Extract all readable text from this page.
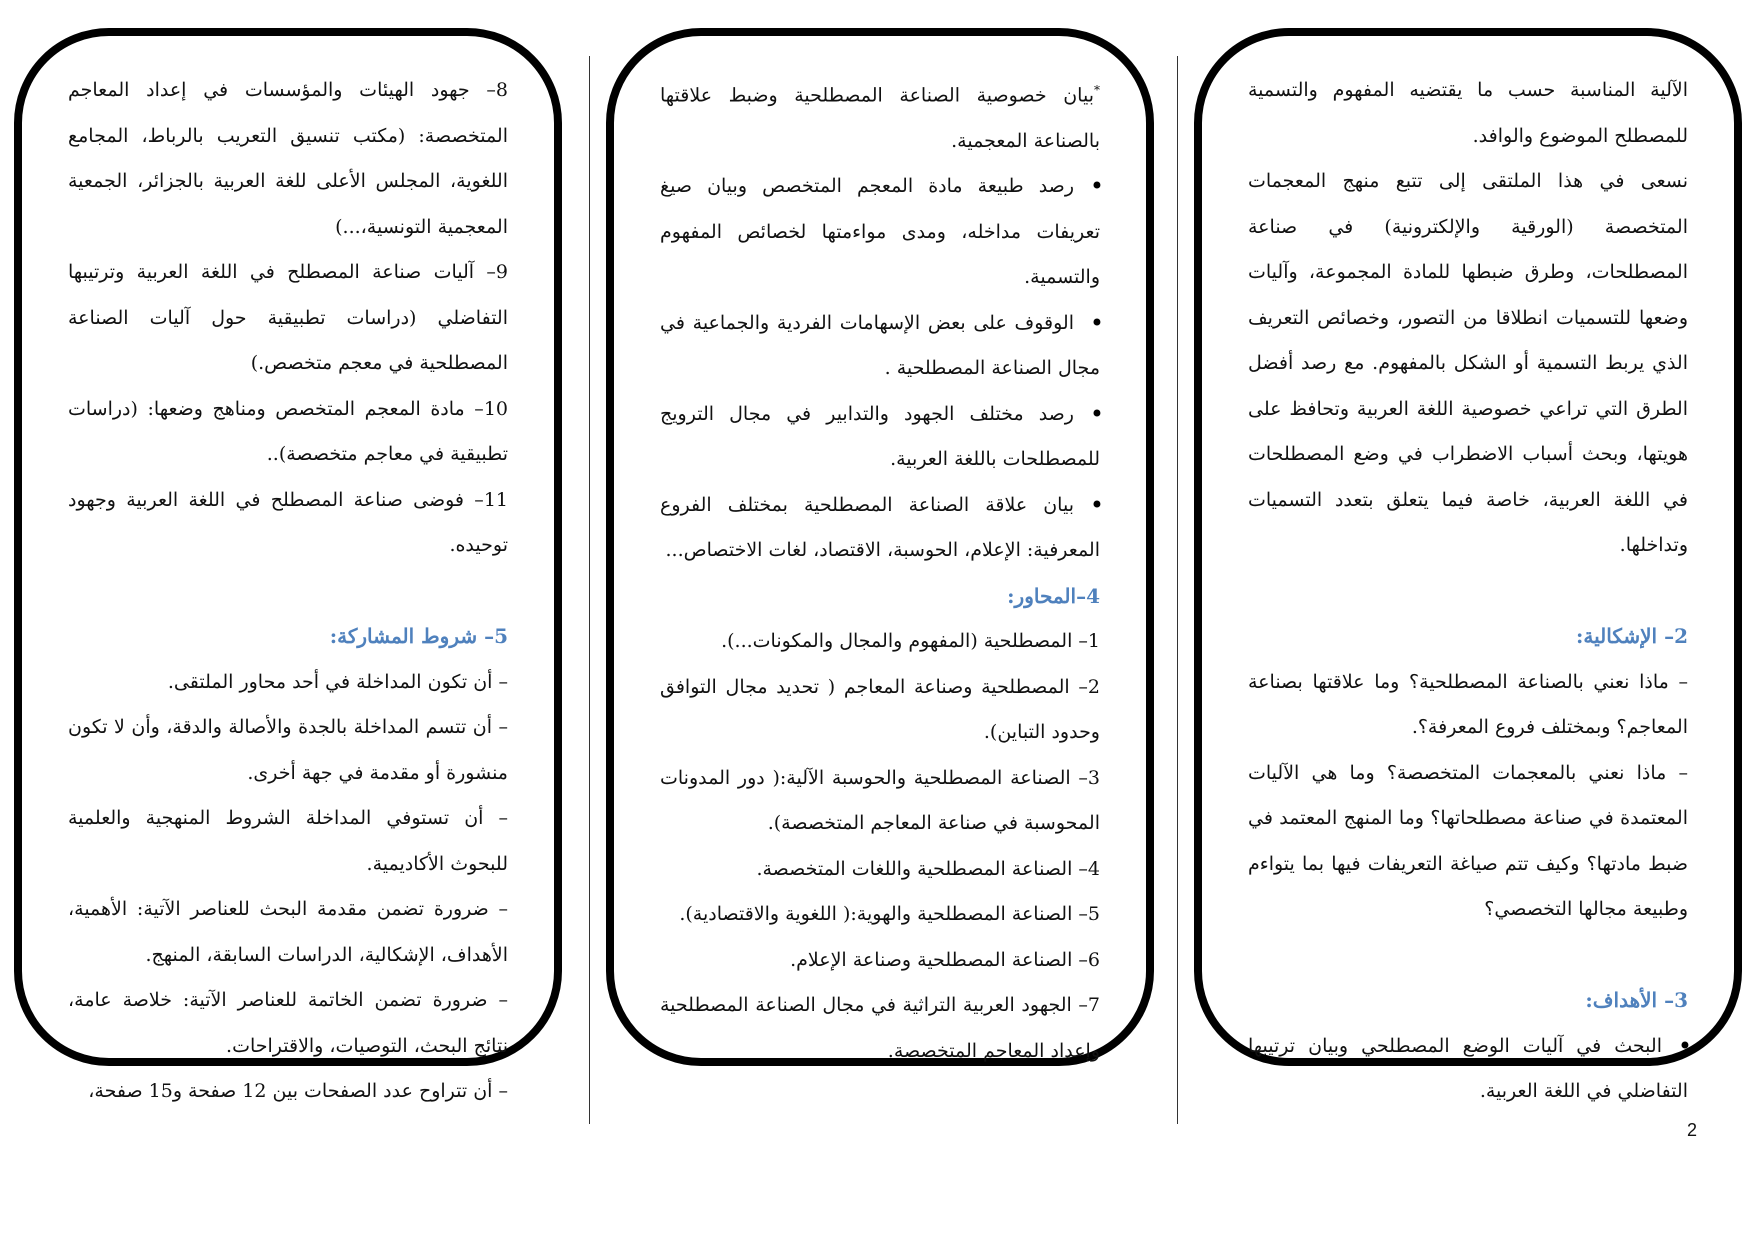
الآلية المناسبة حسب ما يقتضيه المفهوم والتسمية للمصطلح الموضوع والوافد.

نسعى في هذا الملتقى إلى تتبع منهج المعجمات المتخصصة (الورقية والإلكترونية) في صناعة المصطلحات، وطرق ضبطها للمادة المجموعة، وآليات وضعها للتسميات انطلاقا من التصور، وخصائص التعريف الذي يربط التسمية أو الشكل بالمفهوم. مع رصد أفضل الطرق التي تراعي خصوصية اللغة العربية وتحافظ على هويتها، وبحث أسباب الاضطراب في وضع المصطلحات في اللغة العربية، خاصة فيما يتعلق بتعدد التسميات وتداخلها.

2– الإشكالية:

– ماذا نعني بالصناعة المصطلحية؟ وما علاقتها بصناعة المعاجم؟ وبمختلف فروع المعرفة؟.

– ماذا نعني بالمعجمات المتخصصة؟ وما هي الآليات المعتمدة في صناعة مصطلحاتها؟ وما المنهج المعتمد في ضبط مادتها؟ وكيف تتم صياغة التعريفات فيها بما يتواءم وطبيعة مجالها التخصصي؟

3– الأهداف:

• البحث في آليات الوضع المصطلحي وبيان ترتيبها التفاضلي في اللغة العربية.

*بيان خصوصية الصناعة المصطلحية وضبط علاقتها بالصناعة المعجمية.

• رصد طبيعة مادة المعجم المتخصص وبيان صيغ تعريفات مداخله، ومدى مواءمتها لخصائص المفهوم والتسمية.

• الوقوف على بعض الإسهامات الفردية والجماعية في مجال الصناعة المصطلحية .

• رصد مختلف الجهود والتدابير في مجال الترويج للمصطلحات باللغة العربية.

• بيان علاقة الصناعة المصطلحية بمختلف الفروع المعرفية: الإعلام، الحوسبة، الاقتصاد، لغات الاختصاص...

4–المحاور:

1– المصطلحية (المفهوم والمجال والمكونات...).

2– المصطلحية وصناعة المعاجم ( تحديد مجال التوافق وحدود التباين).

3– الصناعة المصطلحية والحوسبة الآلية:( دور المدونات المحوسبة في صناعة المعاجم المتخصصة).

4– الصناعة المصطلحية واللغات المتخصصة.

5– الصناعة المصطلحية والهوية:( اللغوية والاقتصادية).

6– الصناعة المصطلحية وصناعة الإعلام.

7– الجهود العربية التراثية في مجال الصناعة المصطلحية وإعداد المعاجم المتخصصة.

8– جهود الهيئات والمؤسسات في إعداد المعاجم المتخصصة: (مكتب تنسيق التعريب بالرباط، المجامع اللغوية، المجلس الأعلى للغة العربية بالجزائر، الجمعية المعجمية التونسية،...)

9– آليات صناعة المصطلح في اللغة العربية وترتيبها التفاضلي (دراسات تطبيقية حول آليات الصناعة المصطلحية في معجم متخصص.)

10– مادة المعجم المتخصص ومناهج وضعها: (دراسات تطبيقية في معاجم متخصصة)..

11– فوضى صناعة المصطلح في اللغة العربية وجهود توحيده.

5– شروط المشاركة:

– أن تكون المداخلة في أحد محاور الملتقى.

– أن تتسم المداخلة بالجدة والأصالة والدقة، وأن لا تكون منشورة أو مقدمة في جهة أخرى.

– أن تستوفي المداخلة الشروط المنهجية والعلمية للبحوث الأكاديمية.

– ضرورة تضمن مقدمة البحث للعناصر الآتية: الأهمية، الأهداف، الإشكالية، الدراسات السابقة، المنهج.

– ضرورة تضمن الخاتمة للعناصر الآتية: خلاصة عامة، نتائج البحث، التوصيات، والاقتراحات.

– أن تتراوح عدد الصفحات بين 12 صفحة و15 صفحة،

2
